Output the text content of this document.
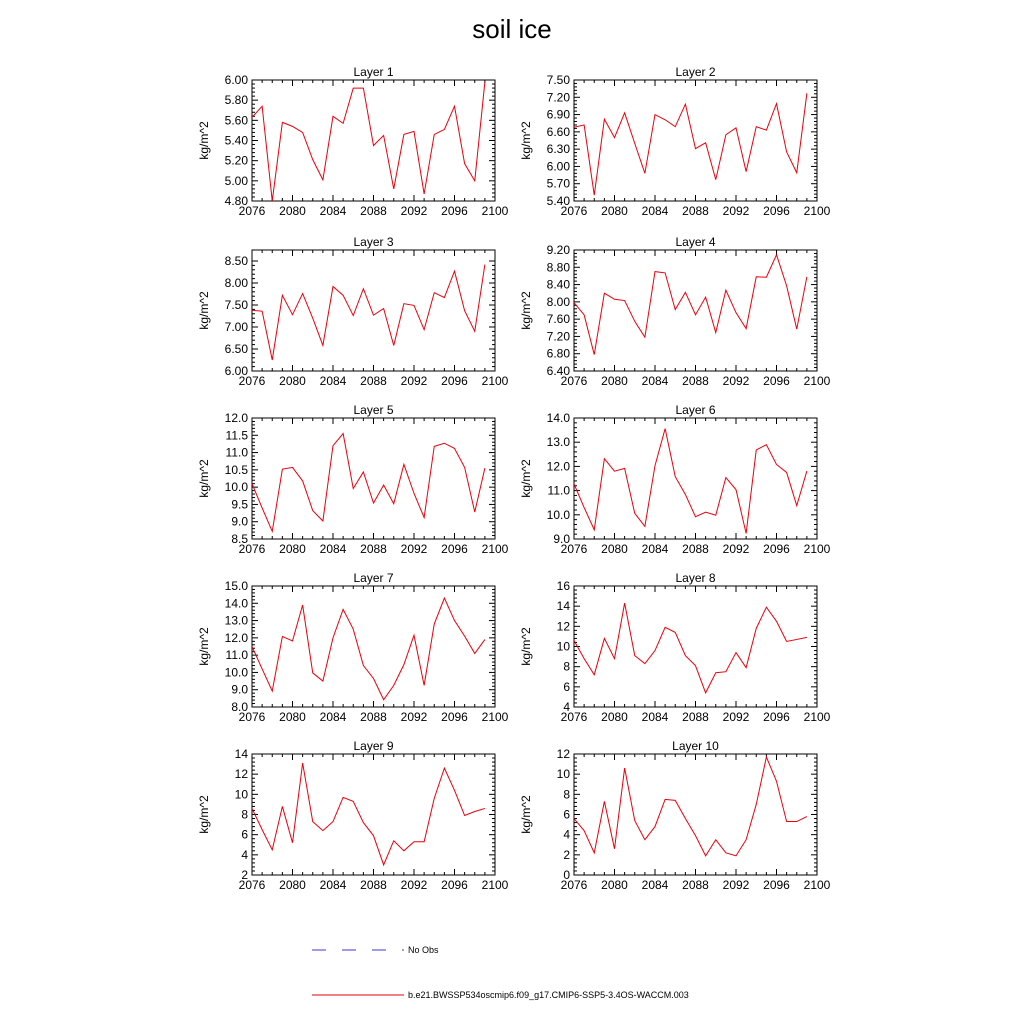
soil ice
Layer 1
kg/m^2
2076 2080 2084 2088 2092 2096 2100
4.80
5.00
5.20
5.40
5.60
5.80
6.00
Layer 2
kg/m^2
2076 2080 2084 2088 2092 2096 2100
5.40
5.70
6.00
6.30
6.60
6.90
7.20
7.50
Layer 3
kg/m^2
2076 2080 2084 2088 2092 2096 2100
6.00
6.50
7.00
7.50
8.00
8.50
Layer 4
kg/m^2
2076 2080 2084 2088 2092 2096 2100
6.40
6.80
7.20
7.60
8.00
8.40
8.80
9.20
Layer 5
kg/m^2
2076 2080 2084 2088 2092 2096 2100
8.5
9.0
9.5
10.0
10.5
11.0
11.5
12.0
Layer 6
kg/m^2
2076 2080 2084 2088 2092 2096 2100
9.0
10.0
11.0
12.0
13.0
14.0
Layer 7
kg/m^2
2076 2080 2084 2088 2092 2096 2100
8.0
9.0
10.0
11.0
12.0
13.0
14.0
15.0
Layer 8
kg/m^2
2076 2080 2084 2088 2092 2096 2100
4
6
8
10
12
14
16
Layer 9
kg/m^2
2076 2080 2084 2088 2092 2096 2100
2
4
6
8
10
12
14
Layer 10
kg/m^2
2076 2080 2084 2088 2092 2096 2100
0
2
4
6
8
10
12
No Obs
b.e21.BWSSP534oscmip6.f09_g17.CMIP6-SSP5-3.4OS-WACCM.003
